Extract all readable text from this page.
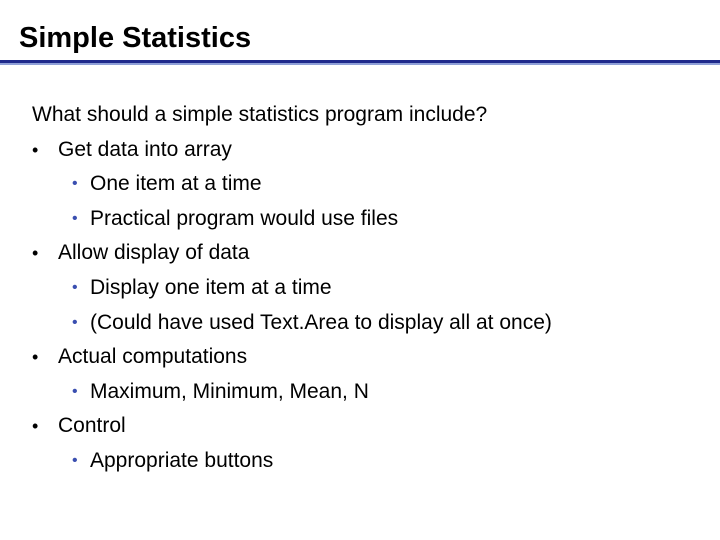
Simple Statistics
What should a simple statistics program include?
• Get data into array
• One item at a time
• Practical program would use files
• Allow display of data
• Display one item at a time
• (Could have used Text.Area to display all at once)
• Actual computations
• Maximum, Minimum, Mean, N
• Control
• Appropriate buttons
